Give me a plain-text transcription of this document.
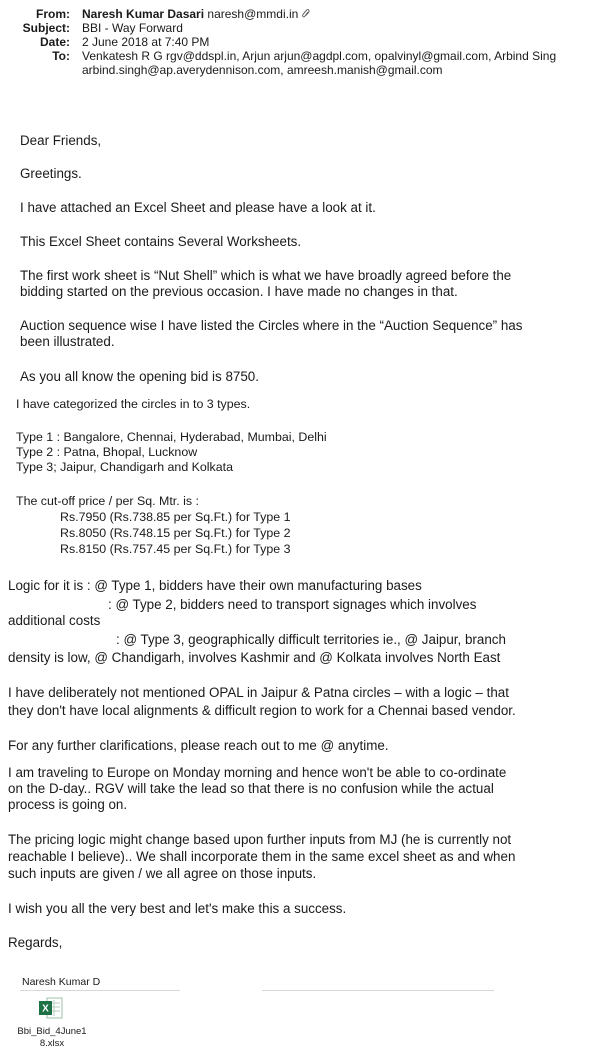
From: Naresh Kumar Dasari naresh@mmdi.in
Subject: BBI - Way Forward
Date: 2 June 2018 at 7:40 PM
To: Venkatesh R G rgv@ddspl.in, Arjun arjun@agdpl.com, opalvinyl@gmail.com, Arbind Sing
arbind.singh@ap.averydennison.com, amreesh.manish@gmail.com
Dear Friends,
Greetings.
I have attached an Excel Sheet and please have a look at it.
This Excel Sheet contains Several Worksheets.
The first work sheet is “Nut Shell” which is what we have broadly agreed before the
bidding started on the previous occasion. I have made no changes in that.
Auction sequence wise I have listed the Circles where in the “Auction Sequence” has
been illustrated.
As you all know the opening bid is 8750.
I have categorized the circles in to 3 types.
Type 1 : Bangalore, Chennai, Hyderabad, Mumbai, Delhi
Type 2 : Patna, Bhopal, Lucknow
Type 3; Jaipur, Chandigarh and Kolkata
The cut-off price / per Sq. Mtr. is :
Rs.7950 (Rs.738.85 per Sq.Ft.) for Type 1
Rs.8050 (Rs.748.15 per Sq.Ft.) for Type 2
Rs.8150 (Rs.757.45 per Sq.Ft.) for Type 3
Logic for it is : @ Type 1, bidders have their own manufacturing bases
: @ Type 2, bidders need to transport signages which involves
additional costs
: @ Type 3, geographically difficult territories ie., @ Jaipur, branch
density is low, @ Chandigarh, involves Kashmir and @ Kolkata involves North East
I have deliberately not mentioned OPAL in Jaipur & Patna circles – with a logic – that
they don't have local alignments & difficult region to work for a Chennai based vendor.
For any further clarifications, please reach out to me @ anytime.
I am traveling to Europe on Monday morning and hence won't be able to co-ordinate
on the D-day.. RGV will take the lead so that there is no confusion while the actual
process is going on.
The pricing logic might change based upon further inputs from MJ (he is currently not
reachable I believe).. We shall incorporate them in the same excel sheet as and when
such inputs are given / we all agree on those inputs.
I wish you all the very best and let's make this a success.
Regards,
Naresh Kumar D
X
Bbi_Bid_4June1
8.xlsx
